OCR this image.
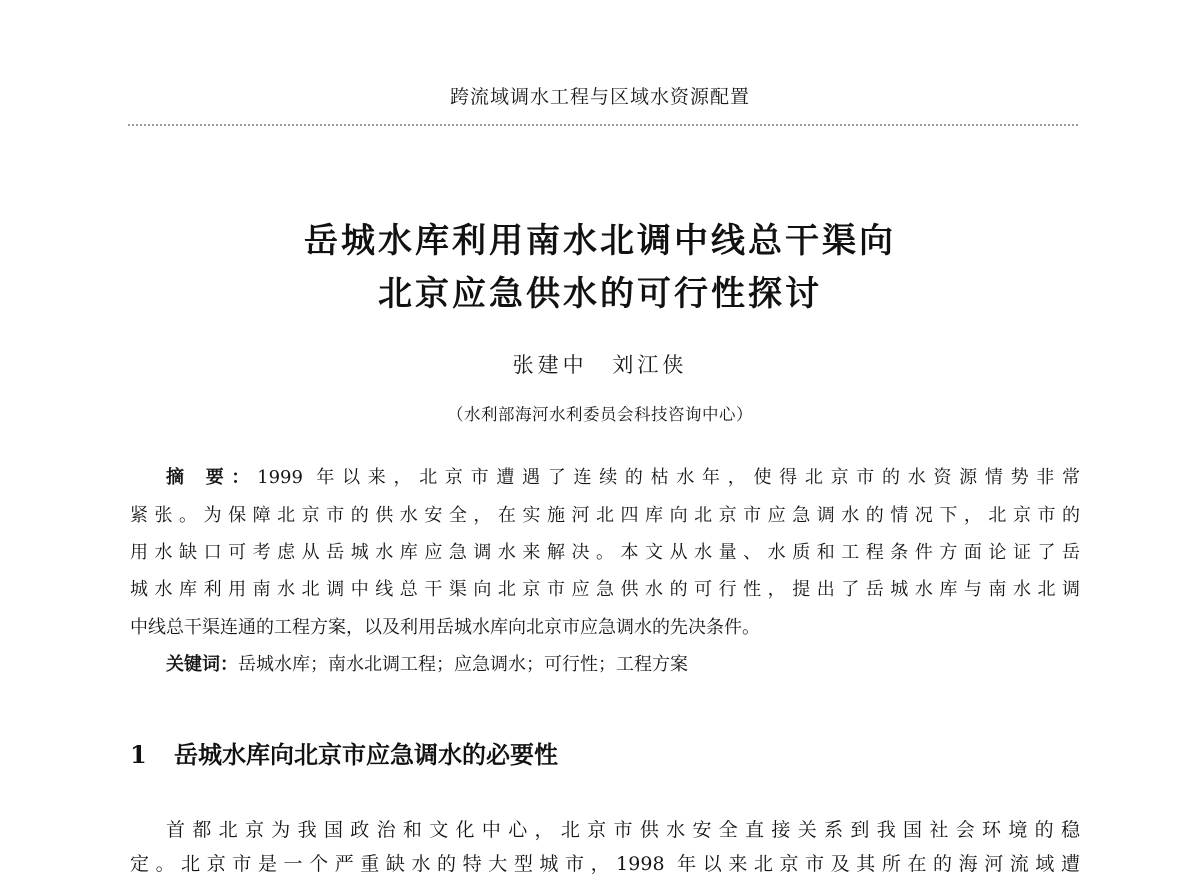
跨流域调水工程与区域水资源配置
岳城水库利用南水北调中线总干渠向
北京应急供水的可行性探讨
张建中 刘江侠
（水利部海河水利委员会科技咨询中心）
摘 要：1999 年以来，北京市遭遇了连续的枯水年，使得北京市的水资源情势非常
紧张。为保障北京市的供水安全，在实施河北四库向北京市应急调水的情况下，北京市的
用水缺口可考虑从岳城水库应急调水来解决。本文从水量、水质和工程条件方面论证了岳
城水库利用南水北调中线总干渠向北京市应急供水的可行性，提出了岳城水库与南水北调
中线总干渠连通的工程方案，以及利用岳城水库向北京市应急调水的先决条件。
关键词：岳城水库；南水北调工程；应急调水；可行性；工程方案
1 岳城水库向北京市应急调水的必要性
首都北京为我国政治和文化中心，北京市供水安全直接关系到我国社会环境的稳
定。北京市是一个严重缺水的特大型城市，1998 年以来北京市及其所在的海河流域遭
